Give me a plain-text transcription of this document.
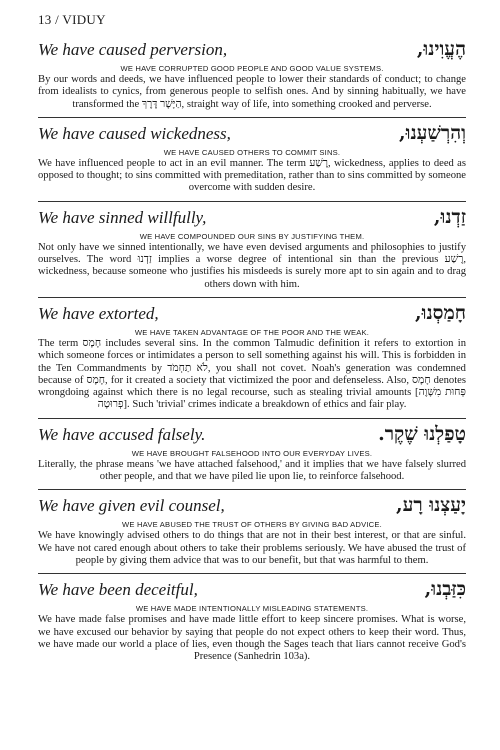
13 / VIDUY
We have caused perversion,	הֶעֱוִינוּ,
WE HAVE CORRUPTED GOOD PEOPLE AND GOOD VALUE SYSTEMS.

By our words and deeds, we have influenced people to lower their standards of conduct; to change from idealists to cynics, from generous people to selfish ones. And by sinning habitually, we have transformed the הַיָּשָׁר דֶּרֶךְ, straight way of life, into something crooked and perverse.

We have caused wickedness,	וְהִרְשַׁעְנוּ,
WE HAVE CAUSED OTHERS TO COMMIT SINS.

We have influenced people to act in an evil manner. The term רֶשַׁע, wickedness, applies to deed as opposed to thought; to sins committed with premeditation, rather than to sins committed by someone overcome with sudden desire.

We have sinned willfully,	זַדְנוּ,
WE HAVE COMPOUNDED OUR SINS BY JUSTIFYING THEM.

Not only have we sinned intentionally, we have even devised arguments and philosophies to justify ourselves. The word זַדְנוּ implies a worse degree of intentional sin than the previous רֶשַׁע, wickedness, because someone who justifies his misdeeds is surely more apt to sin again and to drag others down with him.

We have extorted,	חָמַסְנוּ,
WE HAVE TAKEN ADVANTAGE OF THE POOR AND THE WEAK.

The term חָמָס includes several sins. In the common Talmudic definition it refers to extortion in which someone forces or intimidates a person to sell something against his will. This is forbidden in the Ten Commandments by לֹא תַחְמֹד, you shall not covet. Noah's generation was condemned because of חָמָס, for it created a society that victimized the poor and defenseless. Also, חָמָס denotes wrongdoing against which there is no legal recourse, such as stealing trivial amounts [פְּחוּת מִשָּׁוֶה פְרוּטָה]. Such 'trivial' crimes indicate a breakdown of ethics and fair play.

We have accused falsely.	טָפַלְנוּ שֶׁקֶר.
WE HAVE BROUGHT FALSEHOOD INTO OUR EVERYDAY LIVES.

Literally, the phrase means 'we have attached falsehood,' and it implies that we have falsely slurred other people, and that we have piled lie upon lie, to reinforce falsehood.

We have given evil counsel,	יָעַצְנוּ רָע,
WE HAVE ABUSED THE TRUST OF OTHERS BY GIVING BAD ADVICE.

We have knowingly advised others to do things that are not in their best interest, or that are sinful. We have not cared enough about others to take their problems seriously. We have abused the trust of people by giving them advice that was to our benefit, but that was harmful to them.

We have been deceitful,	כִּזַּבְנוּ,
WE HAVE MADE INTENTIONALLY MISLEADING STATEMENTS.

We have made false promises and have made little effort to keep sincere promises. What is worse, we have excused our behavior by saying that people do not expect others to keep their word. Thus, we have made our world a place of lies, even though the Sages teach that liars cannot receive God's Presence (Sanhedrin 103a).
